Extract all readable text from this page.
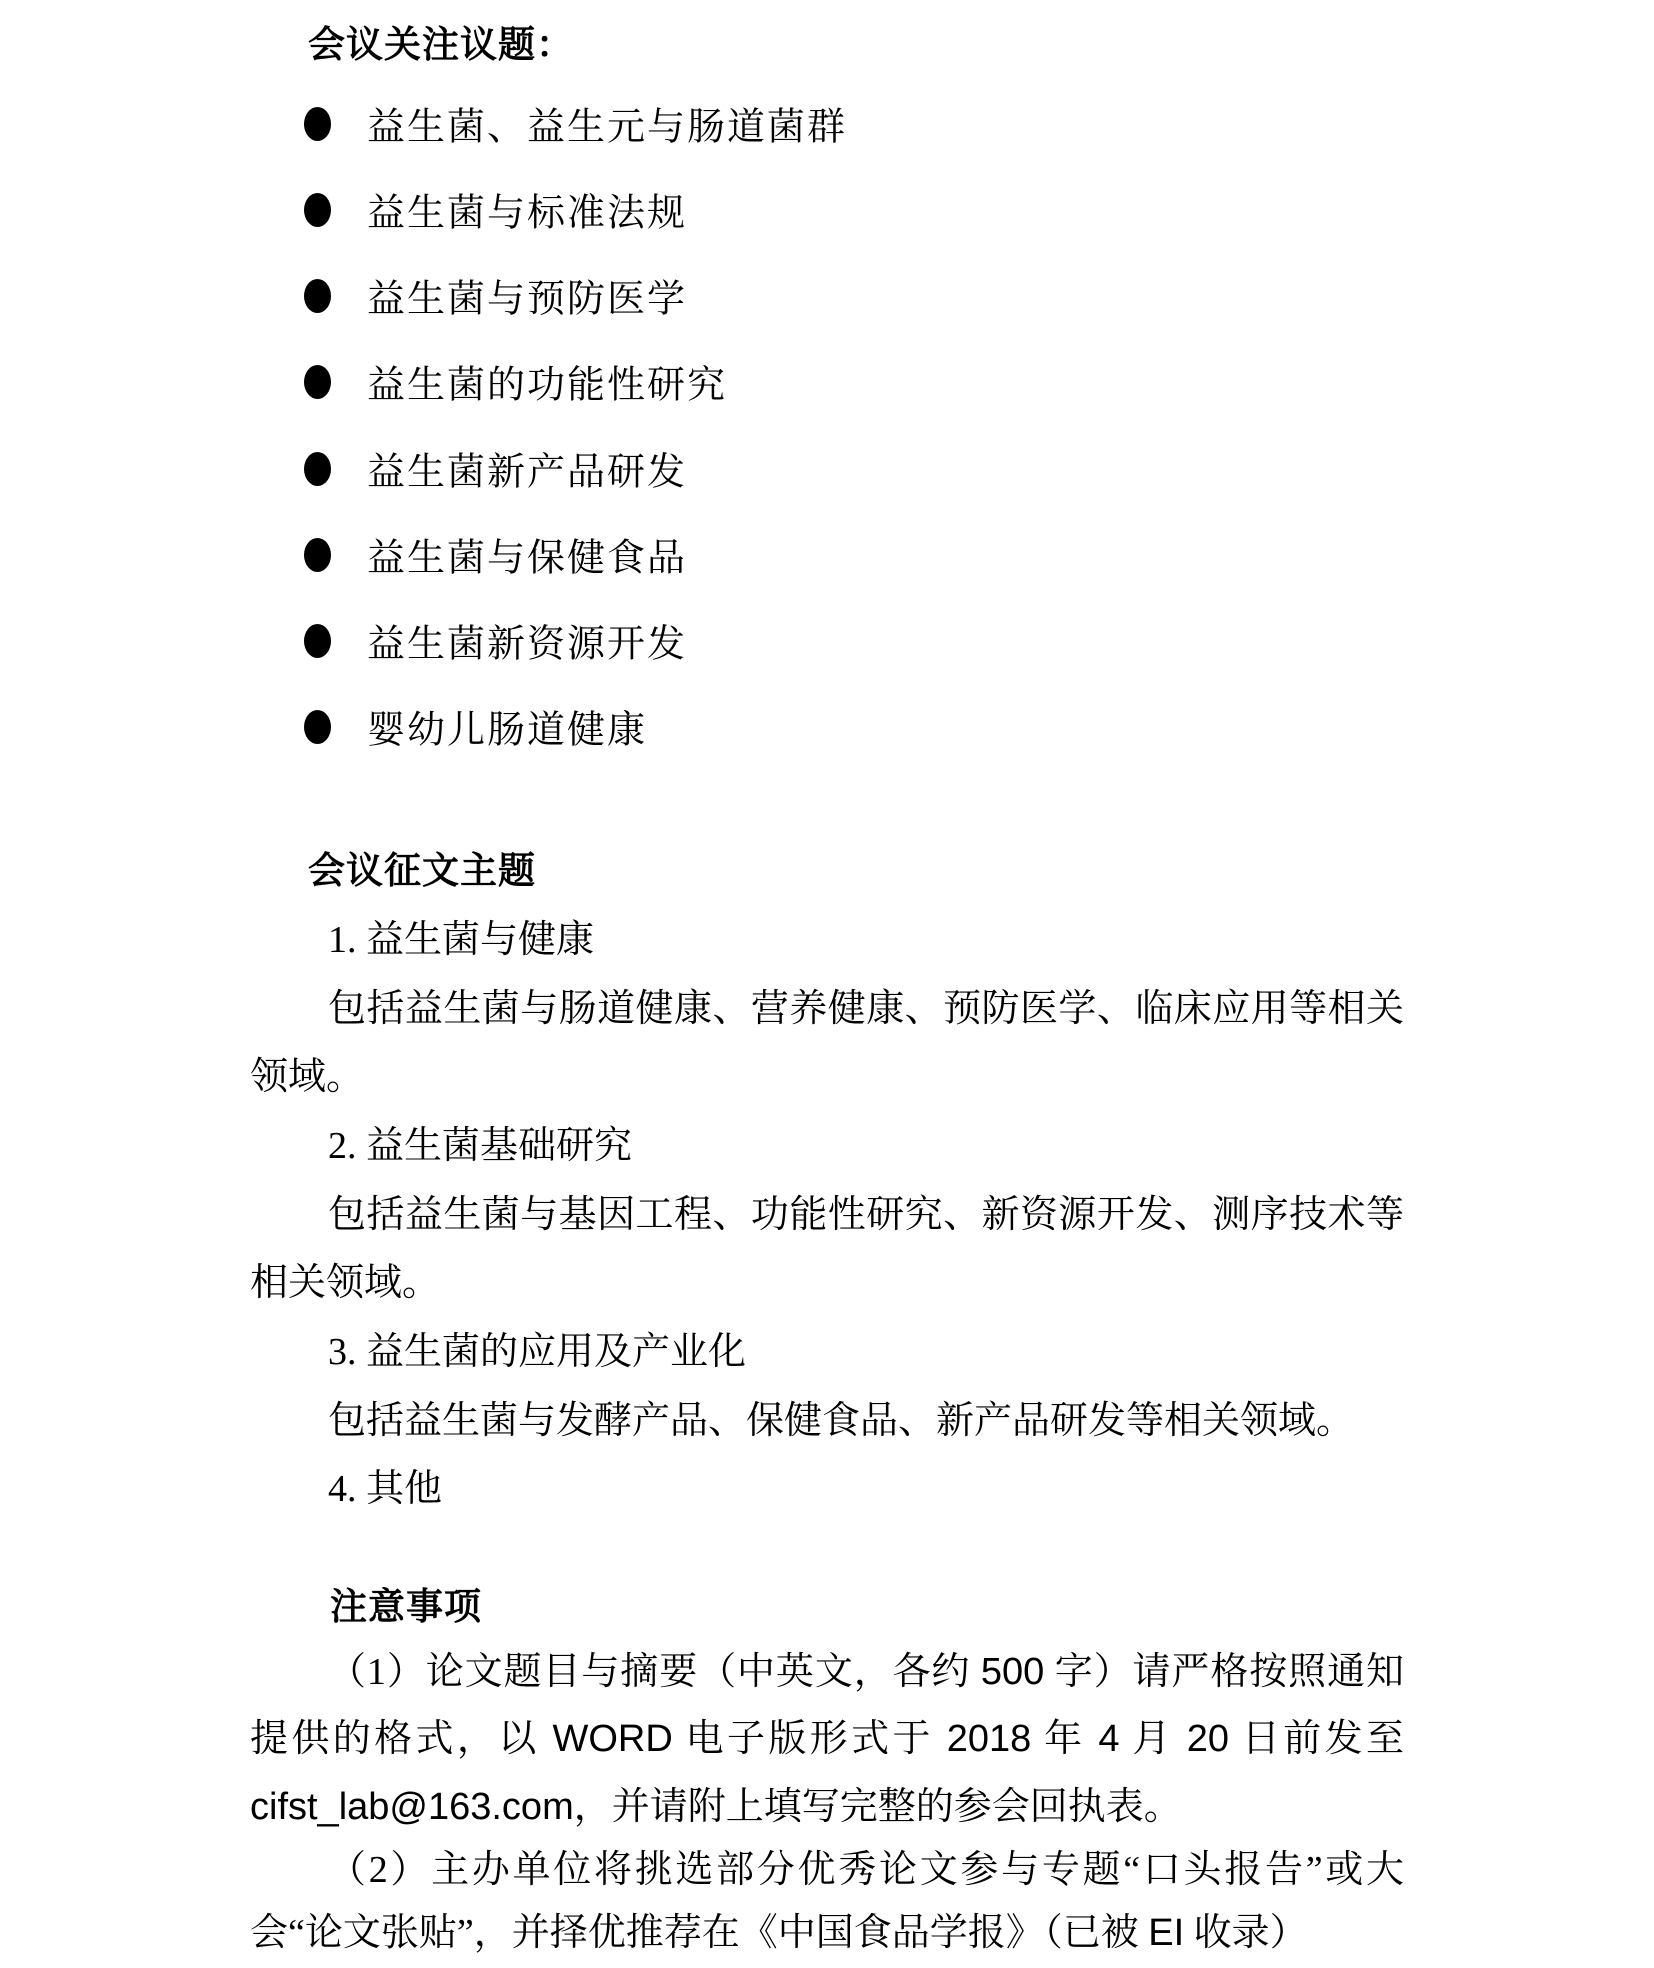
会议关注议题：
益生菌、益生元与肠道菌群
益生菌与标准法规
益生菌与预防医学
益生菌的功能性研究
益生菌新产品研发
益生菌与保健食品
益生菌新资源开发
婴幼儿肠道健康
会议征文主题
1. 益生菌与健康
包括益生菌与肠道健康、营养健康、预防医学、临床应用等相关
领域。
2. 益生菌基础研究
包括益生菌与基因工程、功能性研究、新资源开发、测序技术等
相关领域。
3. 益生菌的应用及产业化
包括益生菌与发酵产品、保健食品、新产品研发等相关领域。
4. 其他
注意事项
（1）论文题目与摘要（中英文，各约 500 字）请严格按照通知
提供的格式，以 WORD 电子版形式于 2018 年 4 月 20 日前发至
cifst_lab@163.com，并请附上填写完整的参会回执表。
（2）主办单位将挑选部分优秀论文参与专题“口头报告”或大
会“论文张贴”，并择优推荐在《中国食品学报》（已被 EI 收录）
